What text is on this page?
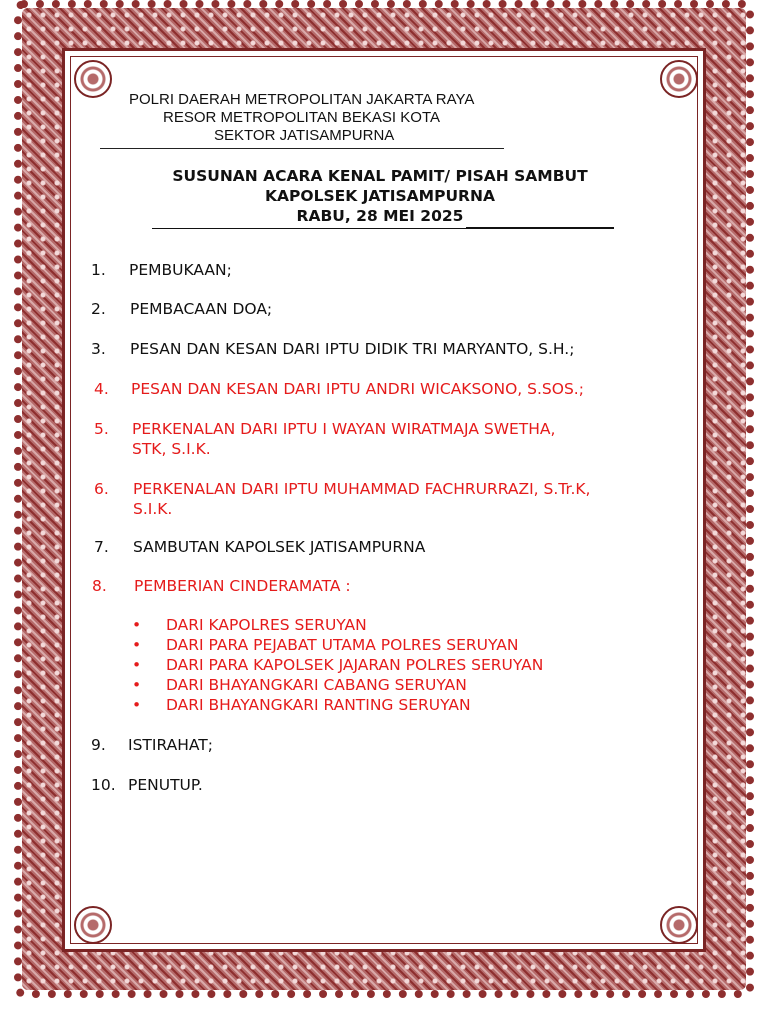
POLRI DAERAH METROPOLITAN JAKARTA RAYA
RESOR METROPOLITAN BEKASI KOTA
SEKTOR JATISAMPURNA
SUSUNAN ACARA KENAL PAMIT/ PISAH SAMBUT
KAPOLSEK JATISAMPURNA
RABU, 28 MEI 2025
1. PEMBUKAAN;
2. PEMBACAAN DOA;
3. PESAN DAN KESAN DARI IPTU DIDIK TRI MARYANTO, S.H.;
4. PESAN DAN KESAN DARI IPTU ANDRI WICAKSONO, S.SOS.;
5. PERKENALAN DARI IPTU I WAYAN WIRATMAJA SWETHA,
STK, S.I.K.
6. PERKENALAN DARI IPTU MUHAMMAD FACHRURRAZI, S.Tr.K,
S.I.K.
7. SAMBUTAN KAPOLSEK JATISAMPURNA
8. PEMBERIAN CINDERAMATA :
• DARI KAPOLRES SERUYAN
• DARI PARA PEJABAT UTAMA POLRES SERUYAN
• DARI PARA KAPOLSEK JAJARAN POLRES SERUYAN
• DARI BHAYANGKARI CABANG SERUYAN
• DARI BHAYANGKARI RANTING SERUYAN
9. ISTIRAHAT;
10. PENUTUP.
